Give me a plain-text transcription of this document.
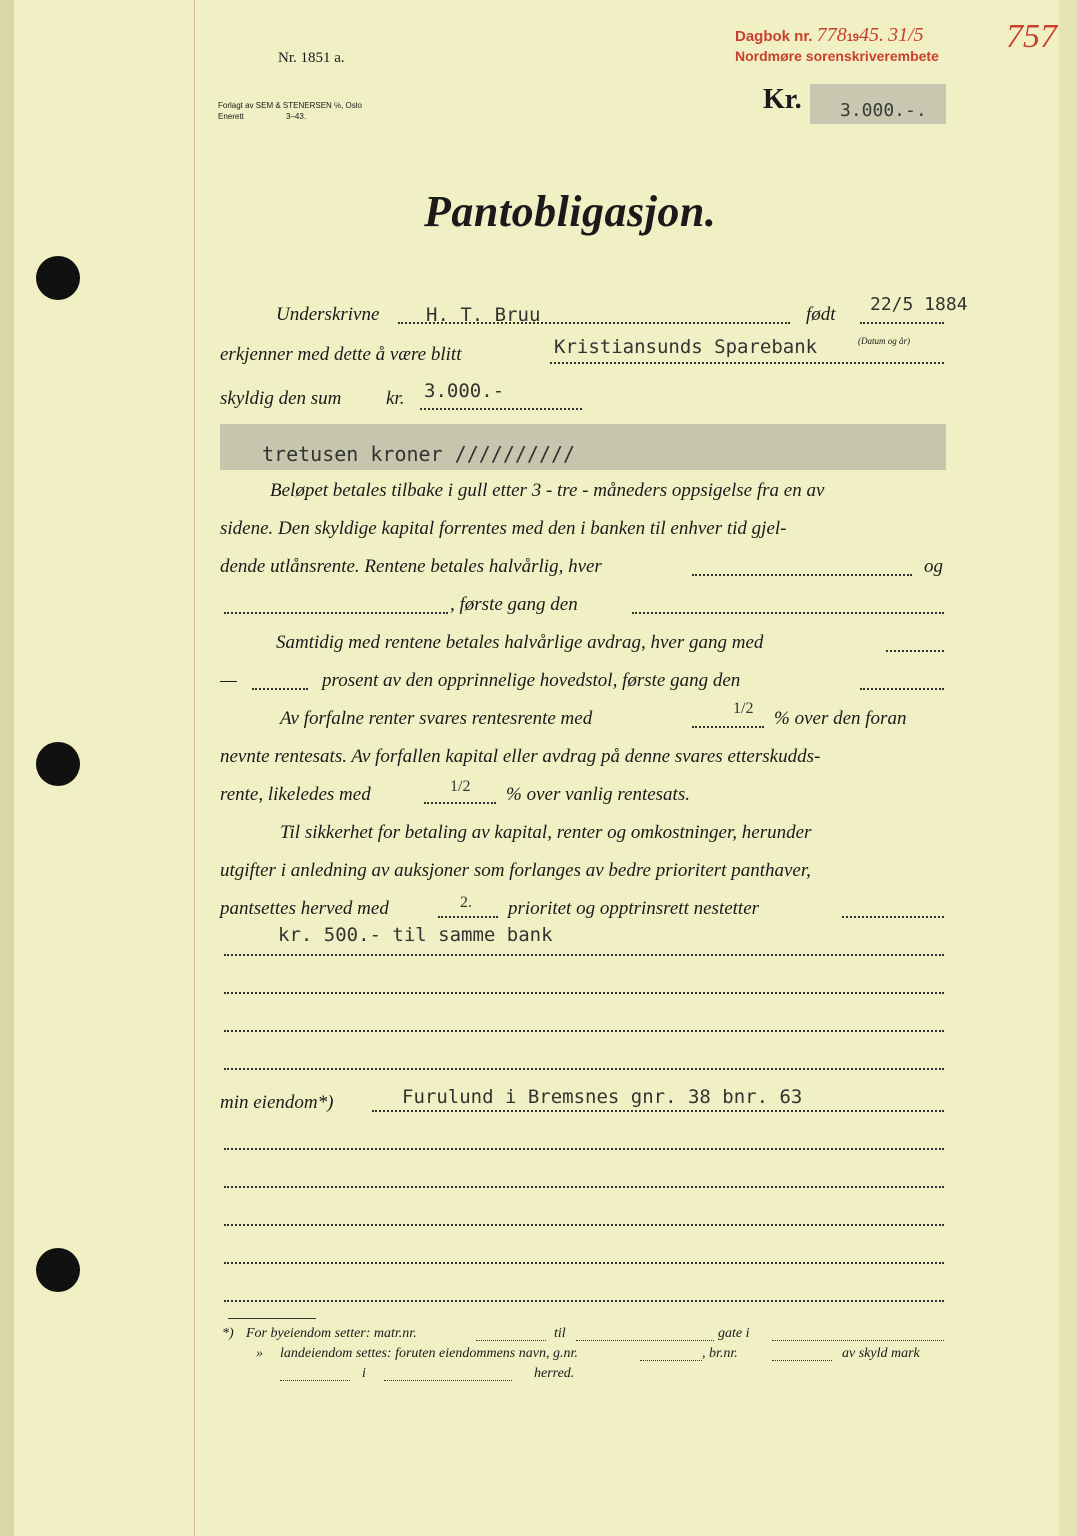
Dagbok nr. 7781945. 31/5
Nordmøre sorenskriverembete
757
Nr. 1851 a.
Forlagt av SEM & STENERSEN ℅, Oslo
Enerett	3–43.
Kr. 3.000.-.
Pantobligasjon.
Underskrivne H. T. Bruu	født 22/5 1884
(Datum og år)
erkjenner med dette å være blitt	Kristiansunds Sparebank
skyldig den sum kr. 3.000.-
tretusen kroner //////////
Beløpet betales tilbake i gull etter 3 - tre - måneders oppsigelse fra en av
sidene. Den skyldige kapital forrentes med den i banken til enhver tid gjel-
dende utlånsrente. Rentene betales halvårlig, hver	og
, første gang den
Samtidig med rentene betales halvårlige avdrag, hver gang med
—	prosent av den opprinnelige hovedstol, første gang den
Av forfalne renter svares rentesrente med	1/2 % over den foran
nevnte rentesats. Av forfallen kapital eller avdrag på denne svares etterskudds-
rente, likeledes med	1/2 % over vanlig rentesats.
Til sikkerhet for betaling av kapital, renter og omkostninger, herunder
utgifter i anledning av auksjoner som forlanges av bedre prioritert panthaver,
pantsettes herved med	2. prioritet og opptrinsrett nestetter
kr. 500.- til samme bank
min eiendom*)	Furulund i Bremsnes gnr. 38 bnr. 63
*) For byeiendom setter: matr.nr.	til	gate i
» landeiendom settes: foruten eiendommens navn, g.nr.	, br.nr.	av skyld mark
i	herred.
